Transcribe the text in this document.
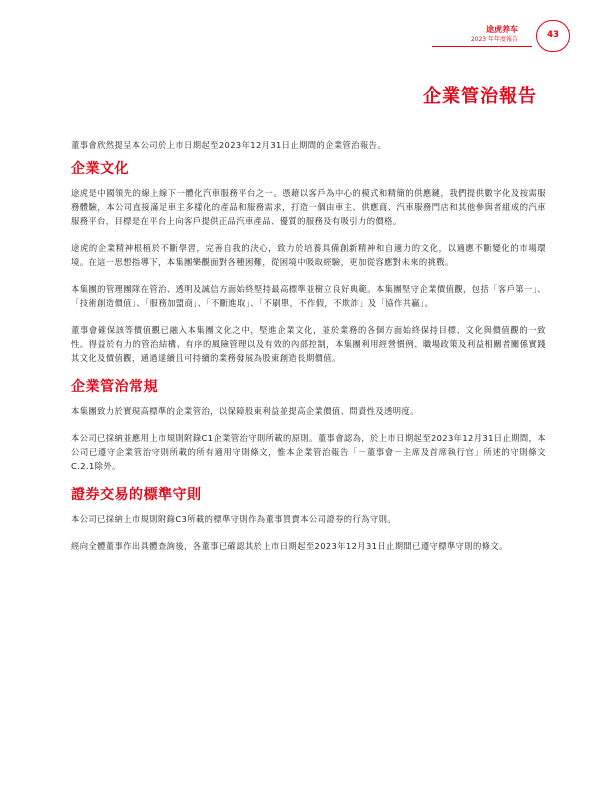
途虎养车
2023 年年度報告	43
企業管治報告

董事會欣然提呈本公司於上市日期起至2023年12月31日止期間的企業管治報告。

企業文化

途虎是中國領先的線上線下一體化汽車服務平台之一。憑藉以客戶為中心的模式和精簡的供應鏈，我們提供數字化及按需服務體驗，本公司直接滿足車主多樣化的產品和服務需求，打造一個由車主、供應商、汽車服務門店和其他參與者組成的汽車服務平台，目標是在平台上向客戶提供正品汽車產品、優質的服務及有吸引力的價格。

途虎的企業精神根植於不斷學習，完善自我的決心，致力於培養具備創新精神和自適力的文化，以適應不斷變化的市場環境。在這一思想指導下，本集團樂觀面對各種困難，從困境中吸取經驗，更加從容應對未來的挑戰。

本集團的管理團隊在管治、透明及誠信方面始終堅持最高標準並樹立良好典範。本集團堅守企業價值觀，包括「客戶第一」、「技術創造價值」、「服務加盟商」、「不斷進取」、「不刷單，不作假，不欺詐」及「協作共贏」。

董事會確保該等價值觀已融入本集團文化之中，堅進企業文化，並於業務的各個方面始終保持目標、文化與價值觀的一致性。得益於有力的管治結構、有序的風險管理以及有效的內部控制，本集團利用經營慣例、職場政策及利益相關者關係實踐其文化及價值觀，通過達續且可持續的業務發展為股東創造長期價值。

企業管治常規

本集團致力於實現高標準的企業管治，以保障股東利益並提高企業價值、問責性及透明度。

本公司已採納並應用上市規則附錄C1企業管治守則所載的原則。董事會認為，於上市日期起至2023年12月31日止期間，本公司已遵守企業管治守則所載的所有適用守則條文，惟本企業管治報告「－董事會－主席及首席執行官」所述的守則條文C.2.1除外。

證券交易的標準守則

本公司已採納上市規則附錄C3所載的標準守則作為董事買賣本公司證券的行為守則。

經向全體董事作出具體查詢後，各董事已確認其於上市日期起至2023年12月31日止期間已遵守標準守則的條文。
